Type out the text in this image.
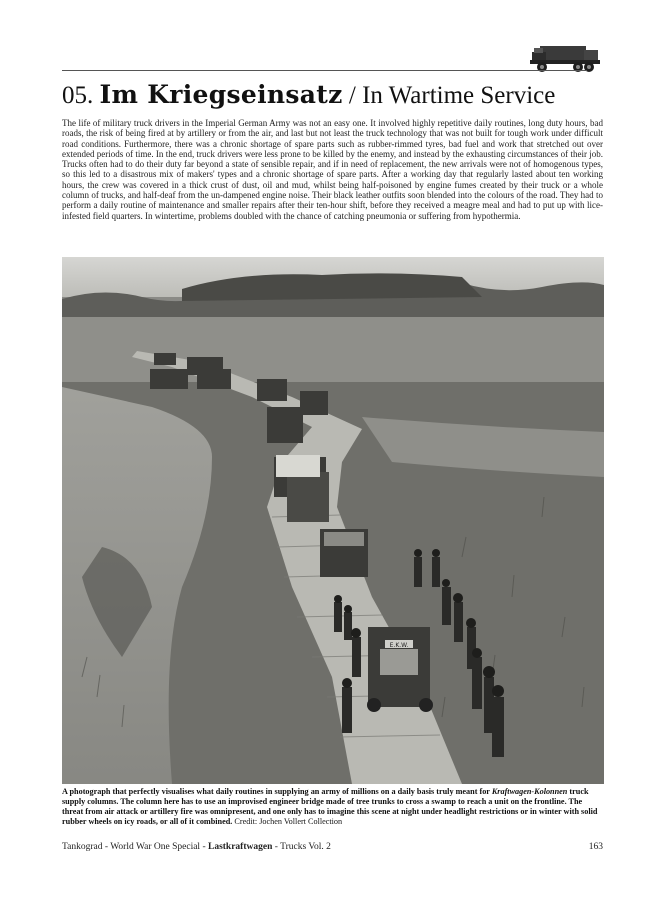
05. Im Kriegseinsatz / In Wartime Service

The life of military truck drivers in the Imperial German Army was not an easy one. It involved highly repetitive daily routines, long duty hours, bad roads, the risk of being fired at by artillery or from the air, and last but not least the truck technology that was not built for tough work under difficult road conditions. Furthermore, there was a chronic shortage of spare parts such as rubber-rimmed tyres, bad fuel and work that stretched out over extended periods of time. In the end, truck drivers were less prone to be killed by the enemy, and instead by the exhausting circumstances of their job. Trucks often had to do their duty far beyond a state of sensible repair, and if in need of replacement, the new arrivals were not of homogenous types, so this led to a disastrous mix of makers' types and a chronic shortage of spare parts. After a working day that regularly lasted about ten working hours, the crew was covered in a thick crust of dust, oil and mud, whilst being half-poisoned by engine fumes created by their truck or a whole column of trucks, and half-deaf from the un-dampened engine noise. Their black leather outfits soon blended into the colours of the road. They had to perform a daily routine of maintenance and smaller repairs after their ten-hour shift, before they received a meagre meal and had to put up with lice-infested field quarters. In wintertime, problems doubled with the chance of catching pneumonia or suffering from hypothermia.

E.K.W.

A photograph that perfectly visualises what daily routines in supplying an army of millions on a daily basis truly meant for Kraftwagen-Kolonnen truck supply columns. The column here has to use an improvised engineer bridge made of tree trunks to cross a swamp to reach a unit on the frontline. The threat from air attack or artillery fire was omnipresent, and one only has to imagine this scene at night under headlight restrictions or in winter with solid rubber wheels on icy roads, or all of it combined. Credit: Jochen Vollert Collection

Tankograd - World War One Special - Lastkraftwagen - Trucks Vol. 2	163
